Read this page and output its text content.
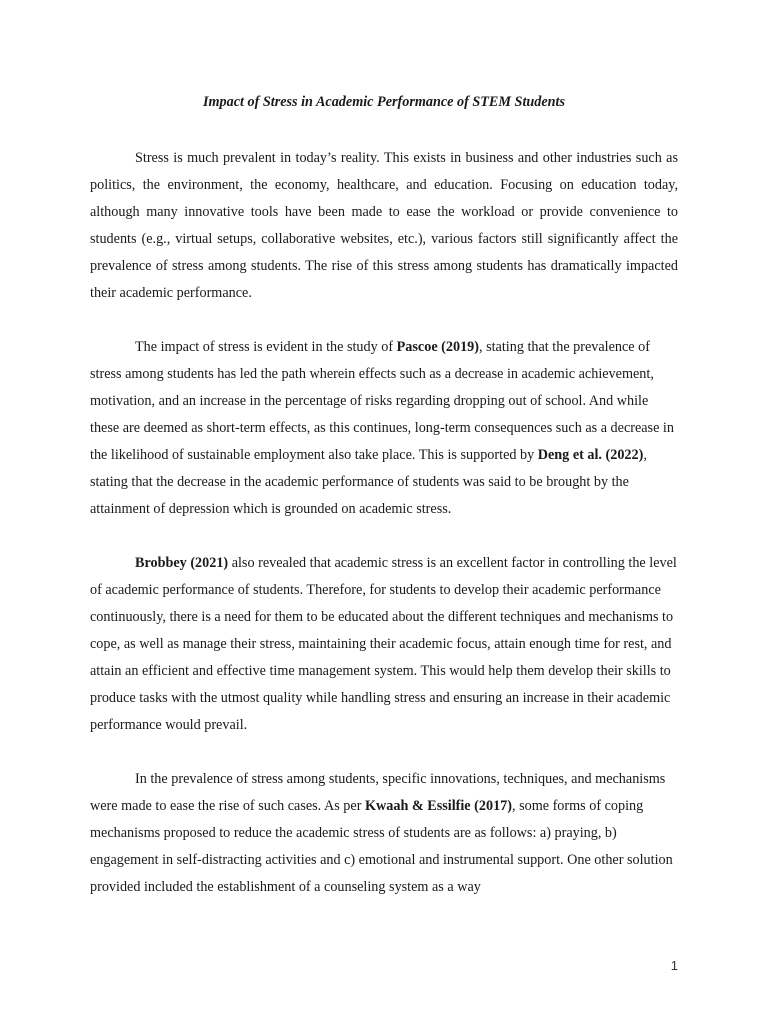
Impact of Stress in Academic Performance of STEM Students

Stress is much prevalent in today’s reality. This exists in business and other industries such as politics, the environment, the economy, healthcare, and education. Focusing on education today, although many innovative tools have been made to ease the workload or provide convenience to students (e.g., virtual setups, collaborative websites, etc.), various factors still significantly affect the prevalence of stress among students. The rise of this stress among students has dramatically impacted their academic performance.

The impact of stress is evident in the study of Pascoe (2019), stating that the prevalence of stress among students has led the path wherein effects such as a decrease in academic achievement, motivation, and an increase in the percentage of risks regarding dropping out of school. And while these are deemed as short-term effects, as this continues, long-term consequences such as a decrease in the likelihood of sustainable employment also take place. This is supported by Deng et al. (2022), stating that the decrease in the academic performance of students was said to be brought by the attainment of depression which is grounded on academic stress.

Brobbey (2021) also revealed that academic stress is an excellent factor in controlling the level of academic performance of students. Therefore, for students to develop their academic performance continuously, there is a need for them to be educated about the different techniques and mechanisms to cope, as well as manage their stress, maintaining their academic focus, attain enough time for rest, and attain an efficient and effective time management system. This would help them develop their skills to produce tasks with the utmost quality while handling stress and ensuring an increase in their academic performance would prevail.

In the prevalence of stress among students, specific innovations, techniques, and mechanisms were made to ease the rise of such cases. As per Kwaah & Essilfie (2017), some forms of coping mechanisms proposed to reduce the academic stress of students are as follows: a) praying, b) engagement in self-distracting activities and c) emotional and instrumental support. One other solution provided included the establishment of a counseling system as a way

1
